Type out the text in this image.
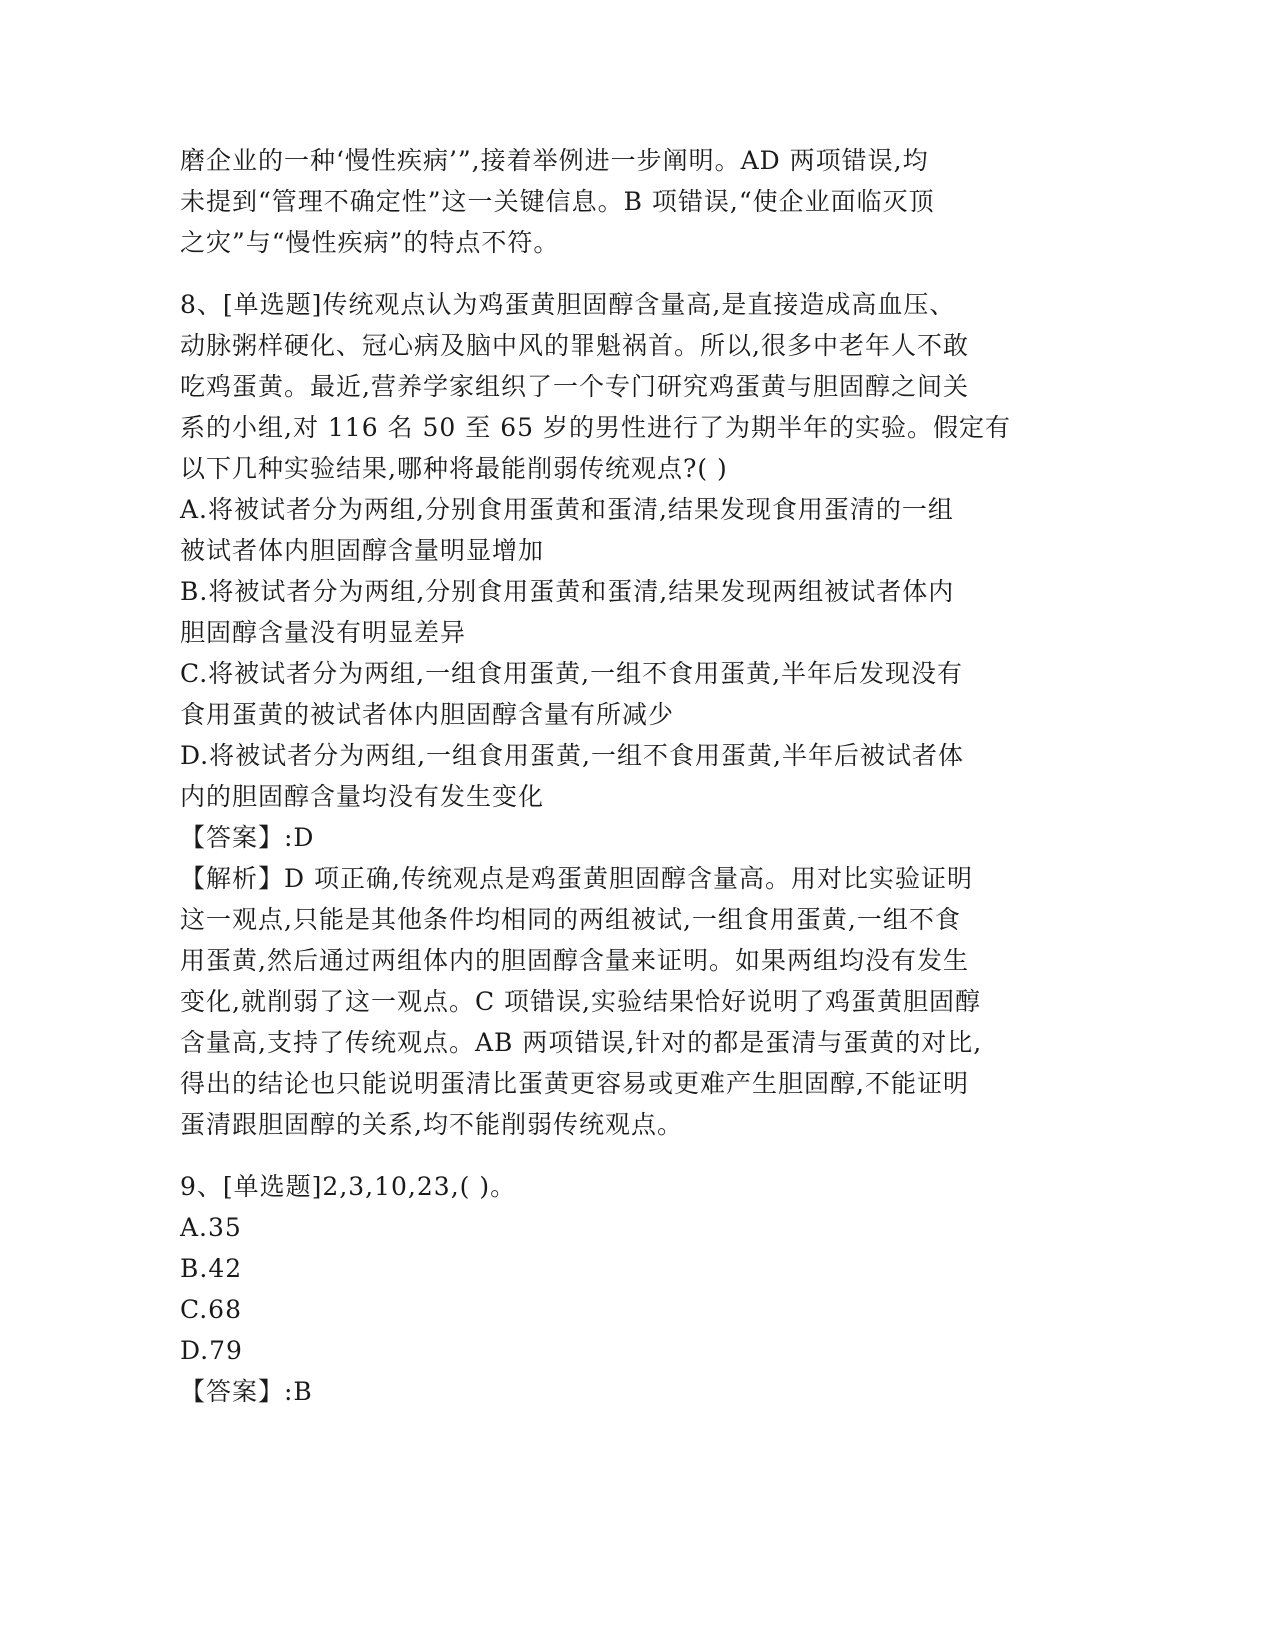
磨企业的一种‘慢性疾病’”,接着举例进一步阐明。AD 两项错误,均
未提到“管理不确定性”这一关键信息。B 项错误,“使企业面临灭顶
之灾”与“慢性疾病”的特点不符。
8、[单选题]传统观点认为鸡蛋黄胆固醇含量高,是直接造成高血压、
动脉粥样硬化、冠心病及脑中风的罪魁祸首。所以,很多中老年人不敢
吃鸡蛋黄。最近,营养学家组织了一个专门研究鸡蛋黄与胆固醇之间关
系的小组,对 116 名 50 至 65 岁的男性进行了为期半年的实验。假定有
以下几种实验结果,哪种将最能削弱传统观点?( )
A.将被试者分为两组,分别食用蛋黄和蛋清,结果发现食用蛋清的一组
被试者体内胆固醇含量明显增加
B.将被试者分为两组,分别食用蛋黄和蛋清,结果发现两组被试者体内
胆固醇含量没有明显差异
C.将被试者分为两组,一组食用蛋黄,一组不食用蛋黄,半年后发现没有
食用蛋黄的被试者体内胆固醇含量有所减少
D.将被试者分为两组,一组食用蛋黄,一组不食用蛋黄,半年后被试者体
内的胆固醇含量均没有发生变化
【答案】:D
【解析】D 项正确,传统观点是鸡蛋黄胆固醇含量高。用对比实验证明
这一观点,只能是其他条件均相同的两组被试,一组食用蛋黄,一组不食
用蛋黄,然后通过两组体内的胆固醇含量来证明。如果两组均没有发生
变化,就削弱了这一观点。C 项错误,实验结果恰好说明了鸡蛋黄胆固醇
含量高,支持了传统观点。AB 两项错误,针对的都是蛋清与蛋黄的对比,
得出的结论也只能说明蛋清比蛋黄更容易或更难产生胆固醇,不能证明
蛋清跟胆固醇的关系,均不能削弱传统观点。
9、[单选题]2,3,10,23,( )。
A.35
B.42
C.68
D.79
【答案】:B
